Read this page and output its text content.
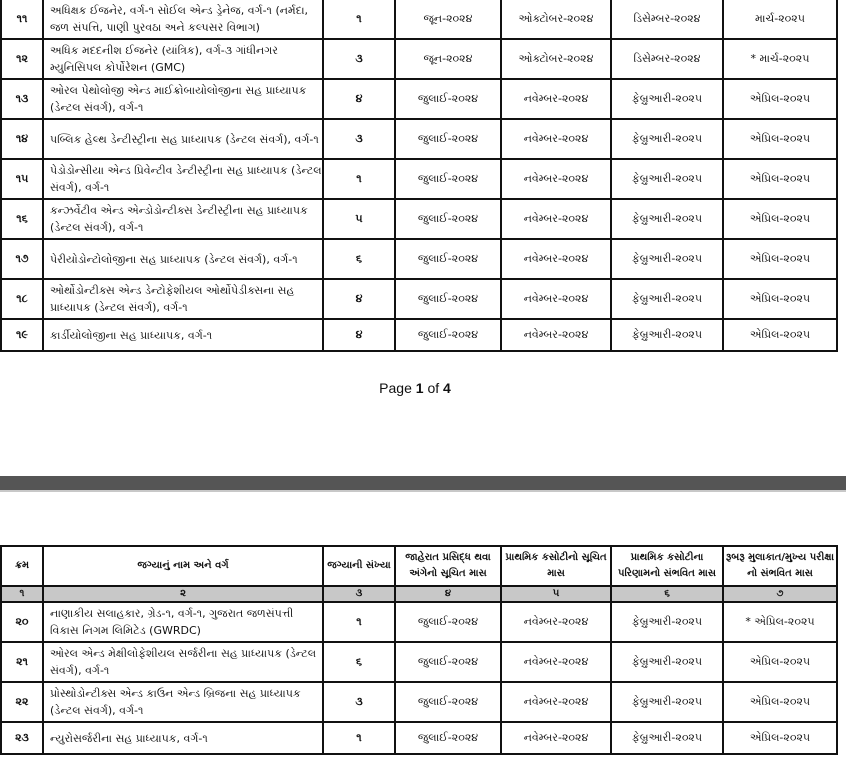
૧૧	અધિક્ષક ઈજનેર, વર્ગ-૧ સોઈલ એન્ડ ડ્રેનેજ, વર્ગ-૧ (નર્મદા, જળ સંપત્તિ, પાણી પુરવઠા અને કલ્પસર વિભાગ)	૧	જૂન-૨૦૨૪	ઓક્ટોબર-૨૦૨૪	ડિસેમ્બર-૨૦૨૪	માર્ચ-૨૦૨૫
૧૨	અધિક મદદનીશ ઈજનેર (યાંત્રિક), વર્ગ-૩ ગાંધીનગર મ્યુનિસિપલ કોર્પોરેશન (GMC)	૩	જૂન-૨૦૨૪	ઓક્ટોબર-૨૦૨૪	ડિસેમ્બર-૨૦૨૪	* માર્ચ-૨૦૨૫
૧૩	ઓરલ પેથોલોજી એન્ડ માઈક્રોબાયોલોજીના સહ પ્રાધ્યાપક (ડેન્ટલ સંવર્ગ), વર્ગ-૧	૪	જુલાઈ-૨૦૨૪	નવેમ્બર-૨૦૨૪	ફેબ્રુઆરી-૨૦૨૫	એપ્રિલ-૨૦૨૫
૧૪	પબ્લિક હેલ્થ ડેન્ટીસ્ટ્રીના સહ પ્રાધ્યાપક (ડેન્ટલ સંવર્ગ), વર્ગ-૧	૩	જુલાઈ-૨૦૨૪	નવેમ્બર-૨૦૨૪	ફેબ્રુઆરી-૨૦૨૫	એપ્રિલ-૨૦૨૫
૧૫	પેડોડોન્સીયા એન્ડ પ્રિવેન્ટીવ ડેન્ટીસ્ટ્રીના સહ પ્રાધ્યાપક (ડેન્ટલ સંવર્ગ), વર્ગ-૧	૧	જુલાઈ-૨૦૨૪	નવેમ્બર-૨૦૨૪	ફેબ્રુઆરી-૨૦૨૫	એપ્રિલ-૨૦૨૫
૧૬	કન્ઝર્વેટીવ એન્ડ એન્ડોડોન્ટીક્સ ડેન્ટીસ્ટ્રીના સહ પ્રાધ્યાપક (ડેન્ટલ સંવર્ગ), વર્ગ-૧	૫	જુલાઈ-૨૦૨૪	નવેમ્બર-૨૦૨૪	ફેબ્રુઆરી-૨૦૨૫	એપ્રિલ-૨૦૨૫
૧૭	પેરીયોડોન્ટોલોજીના સહ પ્રાધ્યાપક (ડેન્ટલ સંવર્ગ), વર્ગ-૧	૬	જુલાઈ-૨૦૨૪	નવેમ્બર-૨૦૨૪	ફેબ્રુઆરી-૨૦૨૫	એપ્રિલ-૨૦૨૫
૧૮	ઓર્થોડોન્ટીક્સ એન્ડ ડેન્ટોફેશીયલ ઓર્થોપેડીક્સના સહ પ્રાધ્યાપક (ડેન્ટલ સંવર્ગ), વર્ગ-૧	૪	જુલાઈ-૨૦૨૪	નવેમ્બર-૨૦૨૪	ફેબ્રુઆરી-૨૦૨૫	એપ્રિલ-૨૦૨૫
૧૯	કાર્ડીયોલોજીના સહ પ્રાધ્યાપક, વર્ગ-૧	૪	જુલાઈ-૨૦૨૪	નવેમ્બર-૨૦૨૪	ફેબ્રુઆરી-૨૦૨૫	એપ્રિલ-૨૦૨૫
Page 1 of 4
ક્રમ	જગ્યાનું નામ અને વર્ગ	જગ્યાની સંખ્યા	જાહેરાત પ્રસિદ્ધ થવા અંગેનો સૂચિત માસ	પ્રાથમિક કસોટીનો સૂચિત માસ	પ્રાથમિક કસોટીના પરિણામનો સંભવિત માસ	રૂબરૂ મુલાકાત/મુખ્ય પરીક્ષા નો સંભવિત માસ
૧	૨	૩	૪	૫	૬	૭
૨૦	નાણાકીય સલાહકાર, ગ્રેડ-૧, વર્ગ-૧, ગુજરાત જળસંપત્તી વિકાસ નિગમ લિમિટેડ (GWRDC)	૧	જુલાઈ-૨૦૨૪	નવેમ્બર-૨૦૨૪	ફેબ્રુઆરી-૨૦૨૫	* એપ્રિલ-૨૦૨૫
૨૧	ઓરલ એન્ડ મેક્ષીલોફેશીયલ સર્જરીના સહ પ્રાધ્યાપક (ડેન્ટલ સંવર્ગ), વર્ગ-૧	૬	જુલાઈ-૨૦૨૪	નવેમ્બર-૨૦૨૪	ફેબ્રુઆરી-૨૦૨૫	એપ્રિલ-૨૦૨૫
૨૨	પ્રોસ્થોડોન્ટીક્સ એન્ડ કાઉન એન્ડ બ્રિજના સહ પ્રાધ્યાપક (ડેન્ટલ સંવર્ગ), વર્ગ-૧	૩	જુલાઈ-૨૦૨૪	નવેમ્બર-૨૦૨૪	ફેબ્રુઆરી-૨૦૨૫	એપ્રિલ-૨૦૨૫
૨૩	ન્યુરોસર્જરીના સહ પ્રાધ્યાપક, વર્ગ-૧	૧	જુલાઈ-૨૦૨૪	નવેમ્બર-૨૦૨૪	ફેબ્રુઆરી-૨૦૨૫	એપ્રિલ-૨૦૨૫
